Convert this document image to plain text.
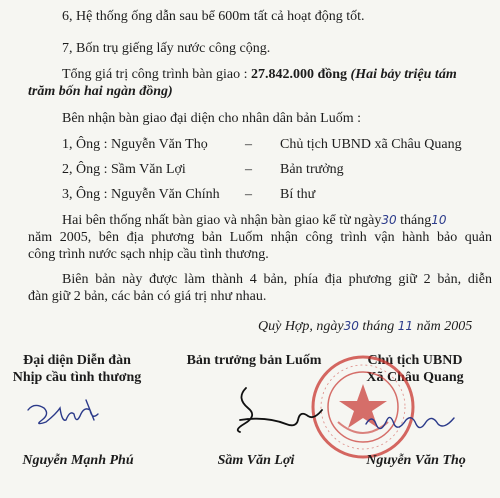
6, Hệ thống ống dẫn sau bể 600m tất cả hoạt động tốt.
7, Bốn trụ giếng lấy nước công cộng.
Tổng giá trị công trình bàn giao : 27.842.000 đồng (Hai bảy triệu tám
trăm bốn hai ngàn đồng)
Bên nhận bàn giao đại diện cho nhân dân bản Luốm :
1, Ông : Nguyễn Văn Thọ	– Chủ tịch UBND xã Châu Quang
2, Ông : Sầm Văn Lợi	– Bản trưởng
3, Ông : Nguyễn Văn Chính – Bí thư
Hai bên thống nhất bàn giao và nhận bàn giao kể từ ngày30 tháng10
năm 2005, bên địa phương bản Luốm nhận công trình vận hành bảo quản
công trình nước sạch nhịp cầu tình thương.
Biên bản này được làm thành 4 bản, phía địa phương giữ 2 bản, diễn
đàn giữ 2 bản, các bản có giá trị như nhau.
Quỳ Hợp, ngày30 tháng 11 năm 2005
Đại diện Diễn đàn
Nhịp cầu tình thương
Bản trưởng bản Luốm	Chủ tịch UBND
Xã Châu Quang
Nguyễn Mạnh Phú	Sầm Văn Lợi	Nguyễn Văn Thọ
